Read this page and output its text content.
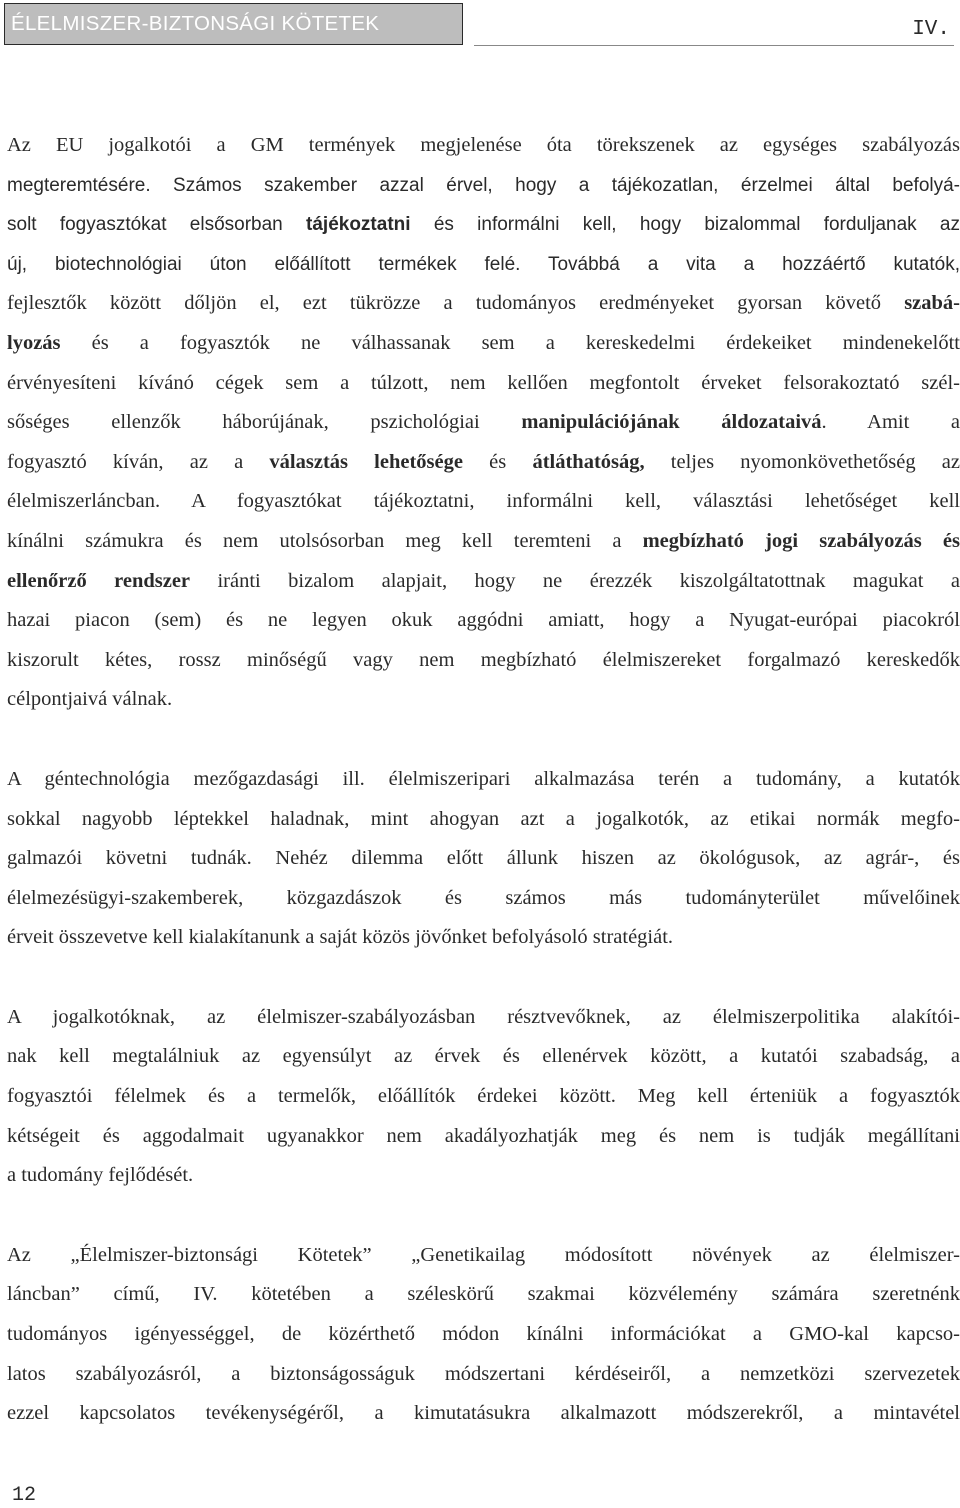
ÉLELMISZER-BIZTONSÁGI KÖTETEK	IV.

Az EU jogalkotói a GM termények megjelenése óta törekszenek az egységes szabályozás
megteremtésére. Számos szakember azzal érvel, hogy a tájékozatlan, érzelmei által befolyá-
solt fogyasztókat elsősorban tájékoztatni és informálni kell, hogy bizalommal forduljanak az
új, biotechnológiai úton előállított termékek felé. Továbbá a vita a hozzáértő kutatók,
fejlesztők között dőljön el, ezt tükrözze a tudományos eredményeket gyorsan követő szabá-
lyozás és a fogyasztók ne válhassanak sem a kereskedelmi érdekeiket mindenekelőtt
érvényesíteni kívánó cégek sem a túlzott, nem kellően megfontolt érveket felsorakoztató szél-
sőséges ellenzők háborújának, pszichológiai manipulációjának áldozataivá. Amit a
fogyasztó kíván, az a választás lehetősége és átláthatóság, teljes nyomonkövethetőség az
élelmiszerláncban. A fogyasztókat tájékoztatni, informálni kell, választási lehetőséget kell
kínálni számukra és nem utolsósorban meg kell teremteni a megbízható jogi szabályozás és
ellenőrző rendszer iránti bizalom alapjait, hogy ne érezzék kiszolgáltatottnak magukat a
hazai piacon (sem) és ne legyen okuk aggódni amiatt, hogy a Nyugat-európai piacokról
kiszorult kétes, rossz minőségű vagy nem megbízható élelmiszereket forgalmazó kereskedők
célpontjaivá válnak.

A géntechnológia mezőgazdasági ill. élelmiszeripari alkalmazása terén a tudomány, a kutatók
sokkal nagyobb léptekkel haladnak, mint ahogyan azt a jogalkotók, az etikai normák megfo-
galmazói követni tudnák. Nehéz dilemma előtt állunk hiszen az ökológusok, az agrár-, és
élelmezésügyi-szakemberek, közgazdászok és számos más tudományterület művelőinek
érveit összevetve kell kialakítanunk a saját közös jövőnket befolyásoló stratégiát.

A jogalkotóknak, az élelmiszer-szabályozásban résztvevőknek, az élelmiszerpolitika alakítói-
nak kell megtalálniuk az egyensúlyt az érvek és ellenérvek között, a kutatói szabadság, a
fogyasztói félelmek és a termelők, előállítók érdekei között. Meg kell érteniük a fogyasztók
kétségeit és aggodalmait ugyanakkor nem akadályozhatják meg és nem is tudják megállítani
a tudomány fejlődését.

Az „Élelmiszer-biztonsági Kötetek” „Genetikailag módosított növények az élelmiszer-
láncban” című, IV. kötetében a széleskörű szakmai közvélemény számára szeretnénk
tudományos igényességgel, de közérthető módon kínálni információkat a GMO-kal kapcso-
latos szabályozásról, a biztonságosságuk módszertani kérdéseiről, a nemzetközi szervezetek
ezzel kapcsolatos tevékenységéről, a kimutatásukra alkalmazott módszerekről, a mintavétel

12
